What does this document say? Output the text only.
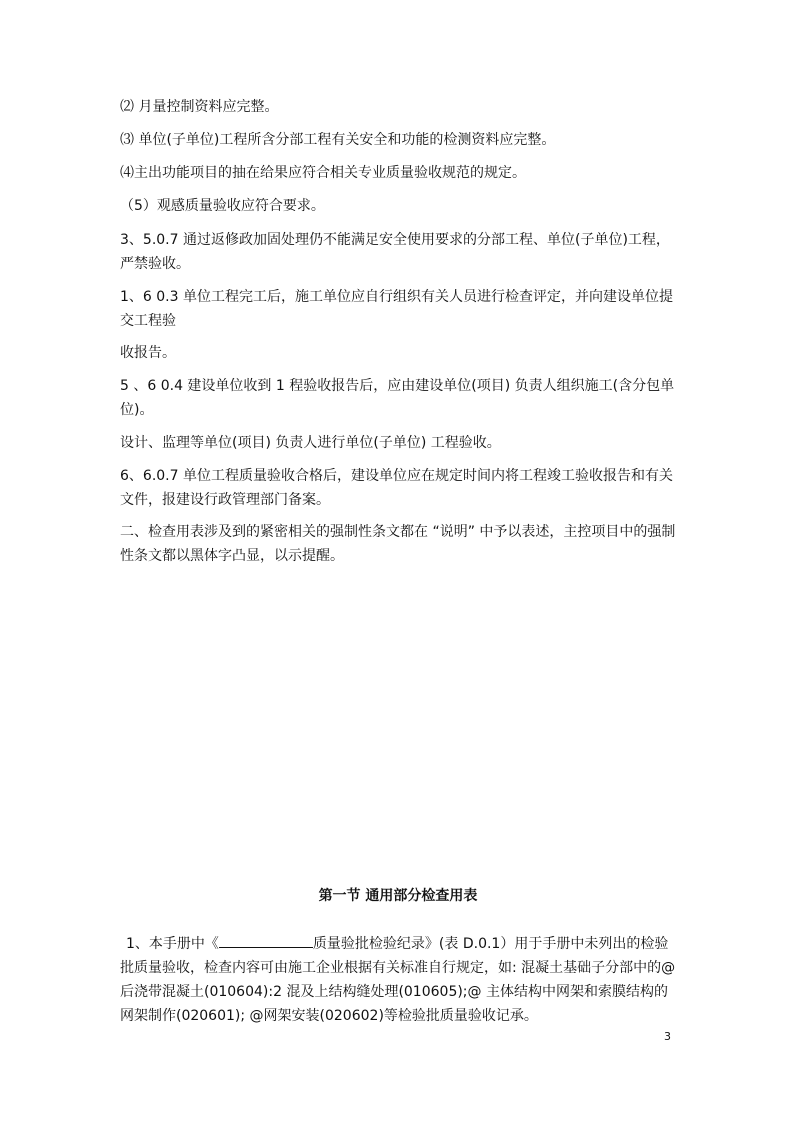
⑵ 月量控制资料应完整。

⑶ 单位(子单位)工程所含分部工程有关安全和功能的检测资料应完整。

⑷主出功能项目的抽在给果应符合相关专业质量验收规范的规定。

（5）观感质量验收应符合要求。

3、5.0.7 通过返修政加固处理仍不能满足安全使用要求的分部工程、单位(子单位)工程，严禁验收。

1、6 0.3 单位工程完工后，施工单位应自行组织有关人员进行检查评定，并向建设单位提交工程验

收报告。

5 、6 0.4 建设单位收到 1 程验收报告后，应由建设单位(项目) 负责人组织施工(含分包单位)。

设计、监理等单位(项目) 负责人进行单位(子单位) 工程验收。

6、6.0.7 单位工程质量验收合格后，建设单位应在规定时间内将工程竣工验收报告和有关文件，报建设行政管理部门备案。

二、检查用表涉及到的紧密相关的强制性条文都在 “说明” 中予以表述，主控项目中的强制性条文都以黑体字凸显，以示提醒。

第一节 通用部分检查用表

1、本手册中《	质量验批检验纪录》(表 D.0.1）用于手册中未列出的检验批质量验收，检查内容可由施工企业根据有关标准自行规定，如: 混凝土基础子分部中的@后浇带混凝土(010604):2 混及上结构缝处理(010605);@ 主体结构中网架和索膜结构的网架制作(020601); @网架安装(020602)等检验批质量验收记承。

3
